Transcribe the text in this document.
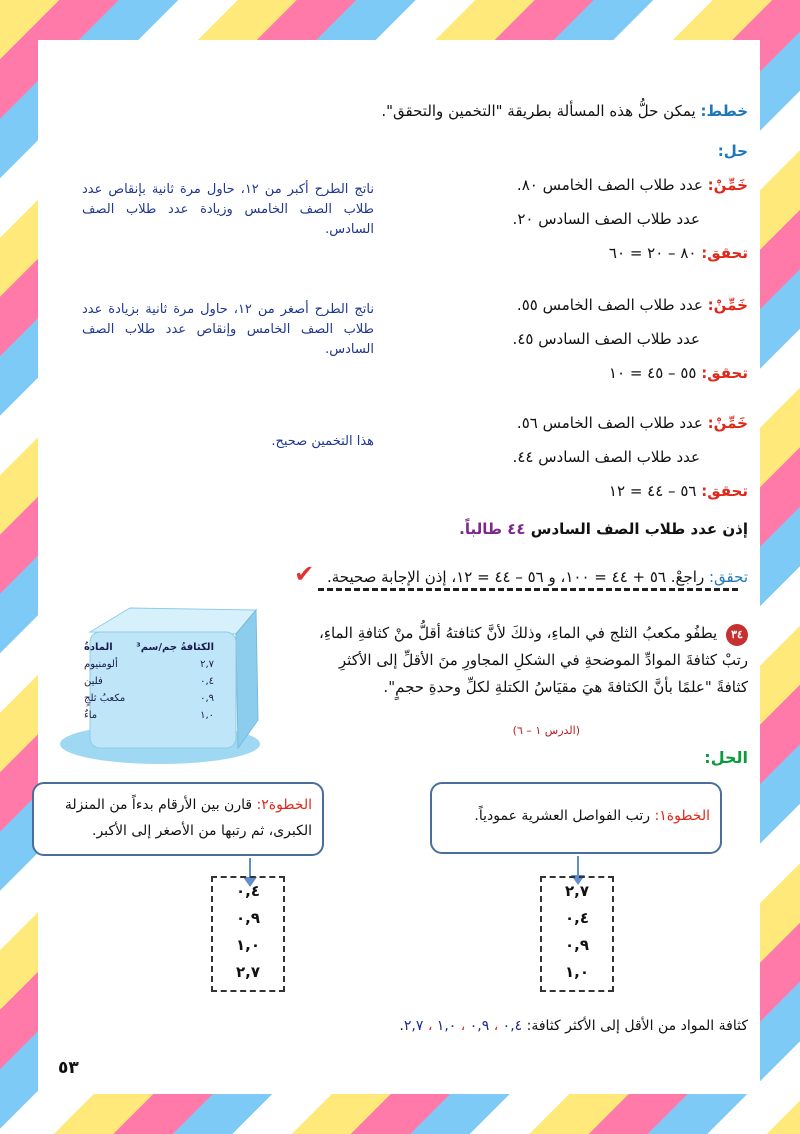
خطط: يمكن حلُّ هذه المسألة بطريقة "التخمين والتحقق".
حل:
خَمِّنْ: عدد طلاب الصف الخامس ٨٠.
عدد طلاب الصف السادس ٢٠.
تحقق: ٨٠ – ٢٠ = ٦٠
ناتج الطرح أكبر من ١٢، حاول مرة ثانية بإنقاص عدد طلاب الصف الخامس وزيادة عدد طلاب الصف السادس.
خَمِّنْ: عدد طلاب الصف الخامس ٥٥.
عدد طلاب الصف السادس ٤٥.
تحقق: ٥٥ – ٤٥ = ١٠
ناتج الطرح أصغر من ١٢، حاول مرة ثانية بزيادة عدد طلاب الصف الخامس وإنقاص عدد طلاب الصف السادس.
خَمِّنْ: عدد طلاب الصف الخامس ٥٦.
عدد طلاب الصف السادس ٤٤.
تحقق: ٥٦ – ٤٤ = ١٢
هذا التخمين صحيح.
إذن عدد طلاب الصف السادس ٤٤ طالباً.
تحقق: راجعْ. ٥٦ + ٤٤ = ١٠٠، و ٥٦ – ٤٤ = ١٢، إذن الإجابة صحيحة. ✔
الكثافةُ جم/سم³
المادةُ
٢,٧
ألومنيوم
٠,٤
فلين
٠,٩
مكعبُ ثلجٍ
١,٠
ماءٌ
٣٤ يطفُو مكعبُ الثلج في الماءِ، وذلكَ لأنَّ كثافتهُ أقلُّ منْ كثافةِ الماءِ، رتبْ كثافةَ الموادِّ الموضحةِ في الشكلِ المجاورِ منَ الأقلِّ إلى الأكثرِ كثافةً "علمًا بأنَّ الكثافةَ هيَ مقيَاسُ الكتلةِ لكلِّ وحدةِ حجمٍ".
(الدرس ١ – ٦)
الحل:
الخطوة١: رتب الفواصل العشرية عمودياً.
الخطوة٢: قارن بين الأرقام بدءاً من المنزلة الكبرى، ثم رتبها من الأصغر إلى الأكبر.
٢,٧
٠,٤
٠,٩
١,٠
٠,٤
٠,٩
١,٠
٢,٧
كثافة المواد من الأقل إلى الأكثر كثافة: ٠,٤ ، ٠,٩ ، ١,٠ ، ٢,٧.
٥٣
